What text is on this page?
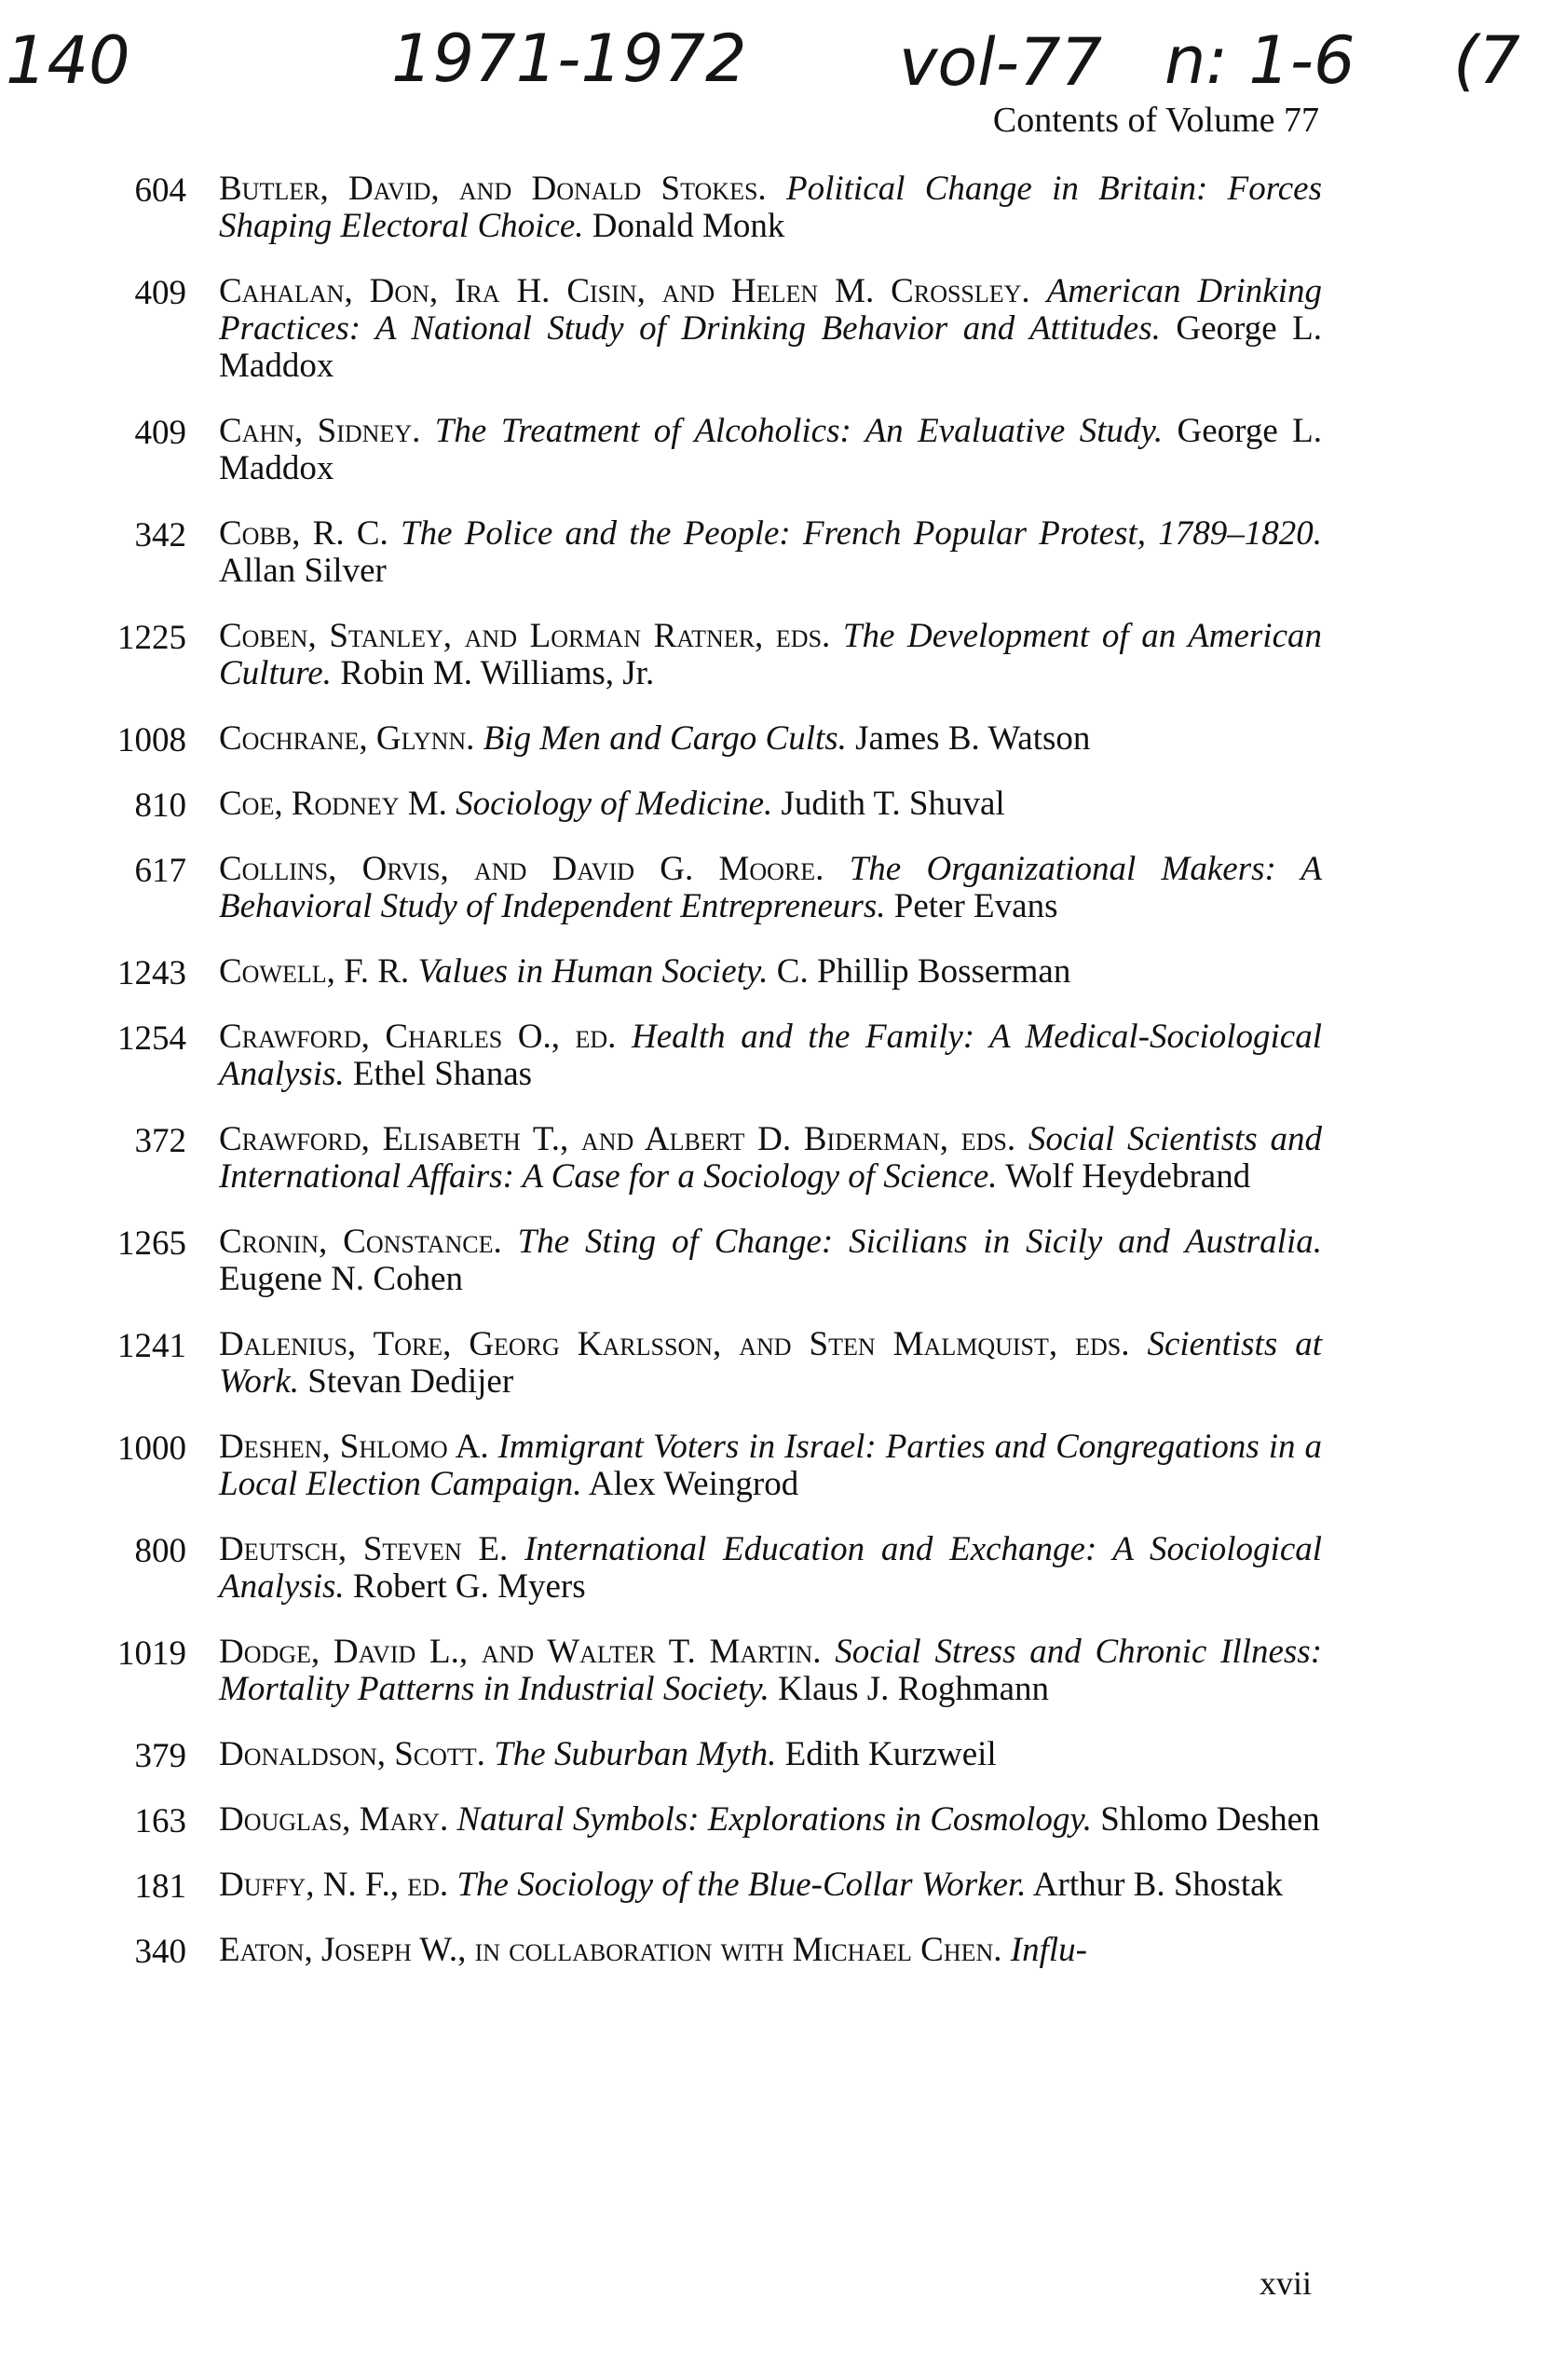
140	1971-1972 vol-77 n: 1-6 (7
Contents of Volume 77
604 Butler, David, and Donald Stokes. Political Change in Britain: Forces Shaping Electoral Choice. Donald Monk
409 Cahalan, Don, Ira H. Cisin, and Helen M. Crossley. American Drinking Practices: A National Study of Drinking Behavior and Attitudes. George L. Maddox
409 Cahn, Sidney. The Treatment of Alcoholics: An Evaluative Study. George L. Maddox
342 Cobb, R. C. The Police and the People: French Popular Protest, 1789–1820. Allan Silver
1225 Coben, Stanley, and Lorman Ratner, eds. The Development of an American Culture. Robin M. Williams, Jr.
1008 Cochrane, Glynn. Big Men and Cargo Cults. James B. Watson
810 Coe, Rodney M. Sociology of Medicine. Judith T. Shuval
617 Collins, Orvis, and David G. Moore. The Organizational Makers: A Behavioral Study of Independent Entrepreneurs. Peter Evans
1243 Cowell, F. R. Values in Human Society. C. Phillip Bosserman
1254 Crawford, Charles O., ed. Health and the Family: A Medical-Sociological Analysis. Ethel Shanas
372 Crawford, Elisabeth T., and Albert D. Biderman, eds. Social Scientists and International Affairs: A Case for a Sociology of Science. Wolf Heydebrand
1265 Cronin, Constance. The Sting of Change: Sicilians in Sicily and Australia. Eugene N. Cohen
1241 Dalenius, Tore, Georg Karlsson, and Sten Malmquist, eds. Scientists at Work. Stevan Dedijer
1000 Deshen, Shlomo A. Immigrant Voters in Israel: Parties and Congregations in a Local Election Campaign. Alex Weingrod
800 Deutsch, Steven E. International Education and Exchange: A Sociological Analysis. Robert G. Myers
1019 Dodge, David L., and Walter T. Martin. Social Stress and Chronic Illness: Mortality Patterns in Industrial Society. Klaus J. Roghmann
379 Donaldson, Scott. The Suburban Myth. Edith Kurzweil
163 Douglas, Mary. Natural Symbols: Explorations in Cosmology. Shlomo Deshen
181 Duffy, N. F., ed. The Sociology of the Blue-Collar Worker. Arthur B. Shostak
340 Eaton, Joseph W., in collaboration with Michael Chen. Influ-
xvii
